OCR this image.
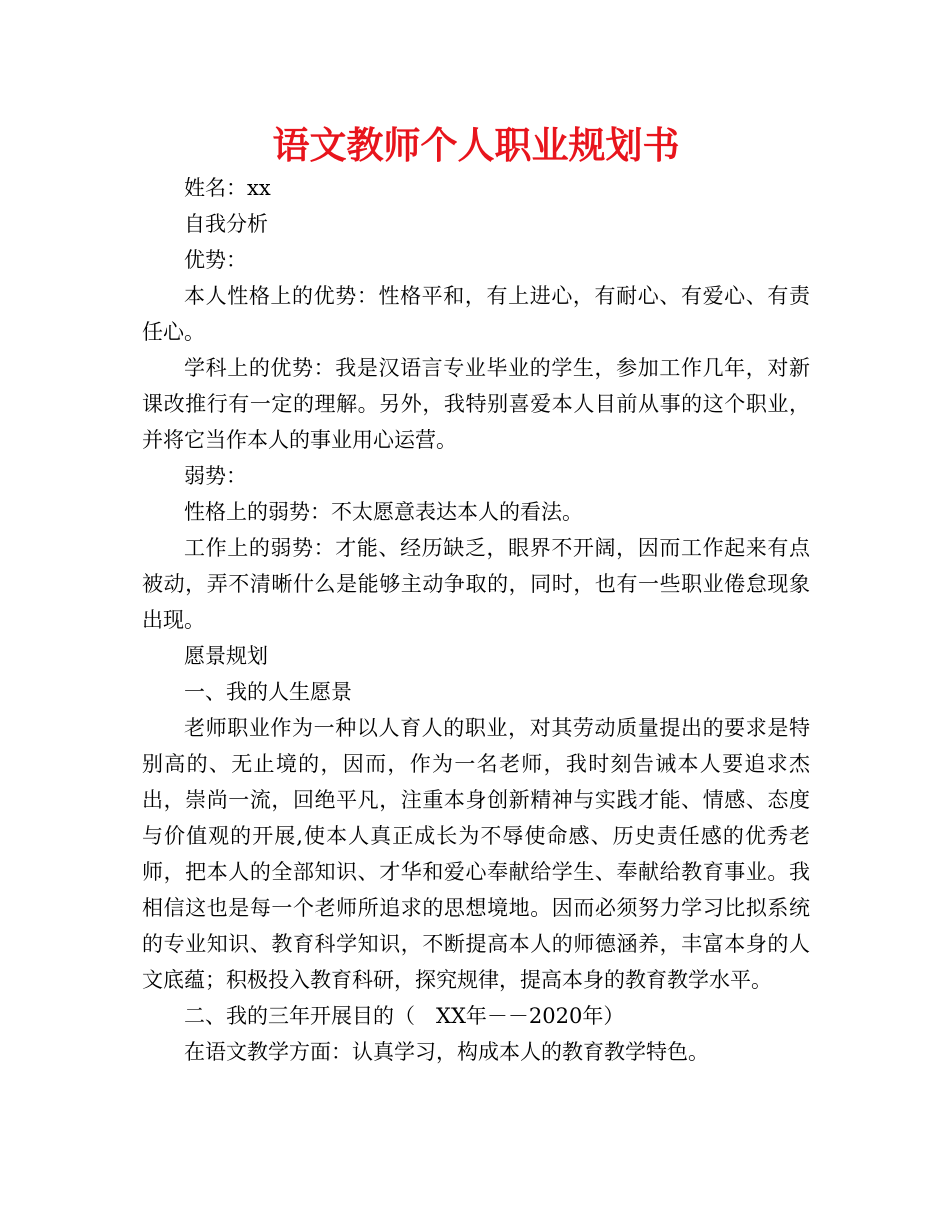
语文教师个人职业规划书

姓名：xx

自我分析

优势：

本人性格上的优势：性格平和，有上进心，有耐心、有爱心、有责任心。

学科上的优势：我是汉语言专业毕业的学生，参加工作几年，对新课改推行有一定的理解。另外，我特别喜爱本人目前从事的这个职业，并将它当作本人的事业用心运营。

弱势：

性格上的弱势：不太愿意表达本人的看法。

工作上的弱势：才能、经历缺乏，眼界不开阔，因而工作起来有点被动，弄不清晰什么是能够主动争取的，同时，也有一些职业倦怠现象出现。

愿景规划

一、我的人生愿景

老师职业作为一种以人育人的职业，对其劳动质量提出的要求是特别高的、无止境的，因而，作为一名老师，我时刻告诫本人要追求杰出，崇尚一流，回绝平凡，注重本身创新精神与实践才能、情感、态度与价值观的开展,使本人真正成长为不辱使命感、历史责任感的优秀老师，把本人的全部知识、才华和爱心奉献给学生、奉献给教育事业。我相信这也是每一个老师所追求的思想境地。因而必须努力学习比拟系统的专业知识、教育科学知识，不断提高本人的师德涵养，丰富本身的人文底蕴；积极投入教育科研，探究规律，提高本身的教育教学水平。

二、我的三年开展目的（　XX年－－2020年）

在语文教学方面：认真学习，构成本人的教育教学特色。
